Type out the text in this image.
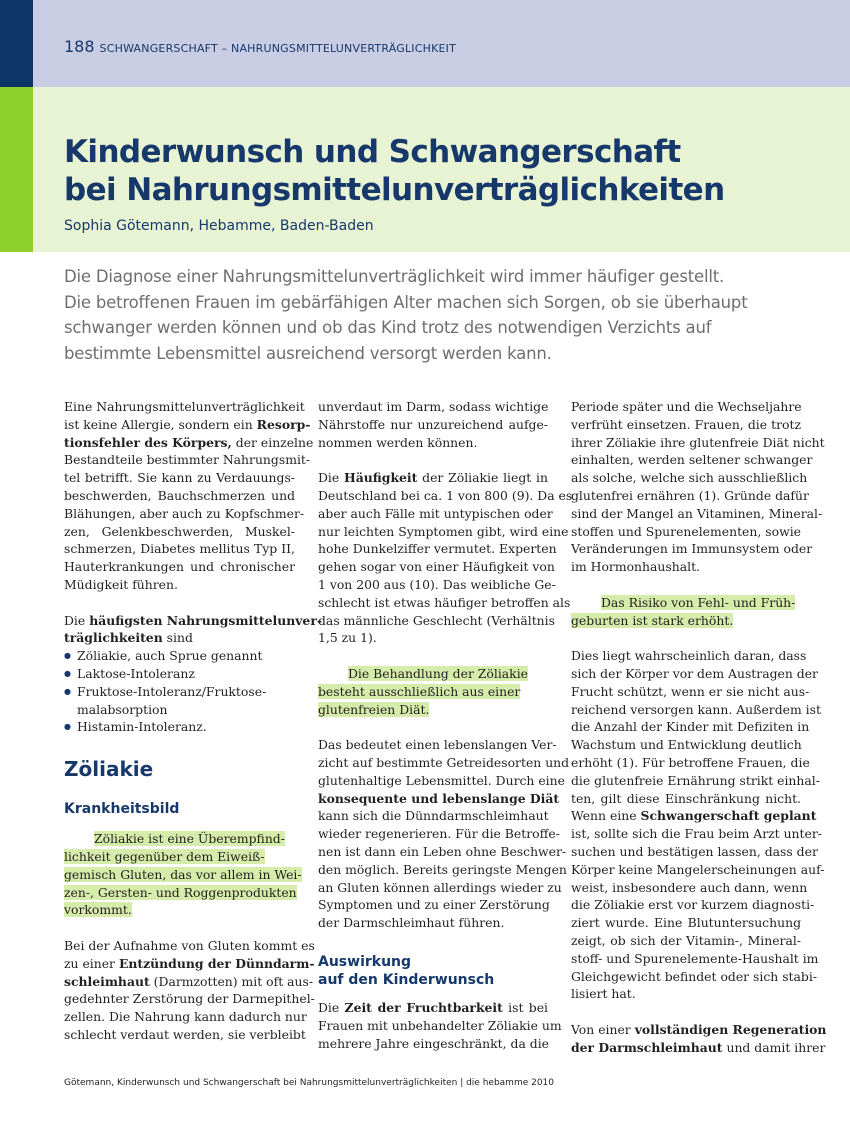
188 SCHWANGERSCHAFT – NAHRUNGSMITTELUNVERTRÄGLICHKEIT
Kinderwunsch und Schwangerschaft
bei Nahrungsmittelunverträglichkeiten
Sophia Götemann, Hebamme, Baden-Baden
Die Diagnose einer Nahrungsmittelunverträglichkeit wird immer häufiger gestellt.
Die betroffenen Frauen im gebärfähigen Alter machen sich Sorgen, ob sie überhaupt
schwanger werden können und ob das Kind trotz des notwendigen Verzichts auf
bestimmte Lebensmittel ausreichend versorgt werden kann.
Eine Nahrungsmittelunverträglichkeit
ist keine Allergie, sondern ein Resorp-
tionsfehler des Körpers, der einzelne
Bestandteile bestimmter Nahrungsmit-
tel betrifft. Sie kann zu Verdauungs-
beschwerden, Bauchschmerzen und
Blähungen, aber auch zu Kopfschmer-
zen, Gelenkbeschwerden, Muskel-
schmerzen, Diabetes mellitus Typ II,
Hauterkrankungen und chronischer
Müdigkeit führen.
Die häufigsten Nahrungsmittelunver-
träglichkeiten sind
● Zöliakie, auch Sprue genannt
● Laktose-Intoleranz
● Fruktose-Intoleranz/Fruktose-
malabsorption
● Histamin-Intoleranz.
Zöliakie
Krankheitsbild
Zöliakie ist eine Überempfind-
lichkeit gegenüber dem Eiweiß-
gemisch Gluten, das vor allem in Wei-
zen-, Gersten- und Roggenprodukten
vorkommt.
Bei der Aufnahme von Gluten kommt es
zu einer Entzündung der Dünndarm-
schleimhaut (Darmzotten) mit oft aus-
gedehnter Zerstörung der Darmepithel-
zellen. Die Nahrung kann dadurch nur
schlecht verdaut werden, sie verbleibt
unverdaut im Darm, sodass wichtige
Nährstoffe nur unzureichend aufge-
nommen werden können.
Die Häufigkeit der Zöliakie liegt in
Deutschland bei ca. 1 von 800 (9). Da es
aber auch Fälle mit untypischen oder
nur leichten Symptomen gibt, wird eine
hohe Dunkelziffer vermutet. Experten
gehen sogar von einer Häufigkeit von
1 von 200 aus (10). Das weibliche Ge-
schlecht ist etwas häufiger betroffen als
das männliche Geschlecht (Verhältnis
1,5 zu 1).
Die Behandlung der Zöliakie
besteht ausschließlich aus einer
glutenfreien Diät.
Das bedeutet einen lebenslangen Ver-
zicht auf bestimmte Getreidesorten und
glutenhaltige Lebensmittel. Durch eine
konsequente und lebenslange Diät
kann sich die Dünndarmschleimhaut
wieder regenerieren. Für die Betroffe-
nen ist dann ein Leben ohne Beschwer-
den möglich. Bereits geringste Mengen
an Gluten können allerdings wieder zu
Symptomen und zu einer Zerstörung
der Darmschleimhaut führen.
Auswirkung
auf den Kinderwunsch
Die Zeit der Fruchtbarkeit ist bei
Frauen mit unbehandelter Zöliakie um
mehrere Jahre eingeschränkt, da die
Periode später und die Wechseljahre
verfrüht einsetzen. Frauen, die trotz
ihrer Zöliakie ihre glutenfreie Diät nicht
einhalten, werden seltener schwanger
als solche, welche sich ausschließlich
glutenfrei ernähren (1). Gründe dafür
sind der Mangel an Vitaminen, Mineral-
stoffen und Spurenelementen, sowie
Veränderungen im Immunsystem oder
im Hormonhaushalt.
Das Risiko von Fehl- und Früh-
geburten ist stark erhöht.
Dies liegt wahrscheinlich daran, dass
sich der Körper vor dem Austragen der
Frucht schützt, wenn er sie nicht aus-
reichend versorgen kann. Außerdem ist
die Anzahl der Kinder mit Defiziten in
Wachstum und Entwicklung deutlich
erhöht (1). Für betroffene Frauen, die
die glutenfreie Ernährung strikt einhal-
ten, gilt diese Einschränkung nicht.
Wenn eine Schwangerschaft geplant
ist, sollte sich die Frau beim Arzt unter-
suchen und bestätigen lassen, dass der
Körper keine Mangelerscheinungen auf-
weist, insbesondere auch dann, wenn
die Zöliakie erst vor kurzem diagnosti-
ziert wurde. Eine Blutuntersuchung
zeigt, ob sich der Vitamin-, Mineral-
stoff- und Spurenelemente-Haushalt im
Gleichgewicht befindet oder sich stabi-
lisiert hat.
Von einer vollständigen Regeneration
der Darmschleimhaut und damit ihrer
Götemann, Kinderwunsch und Schwangerschaft bei Nahrungsmittelunverträglichkeiten | die hebamme 2010
